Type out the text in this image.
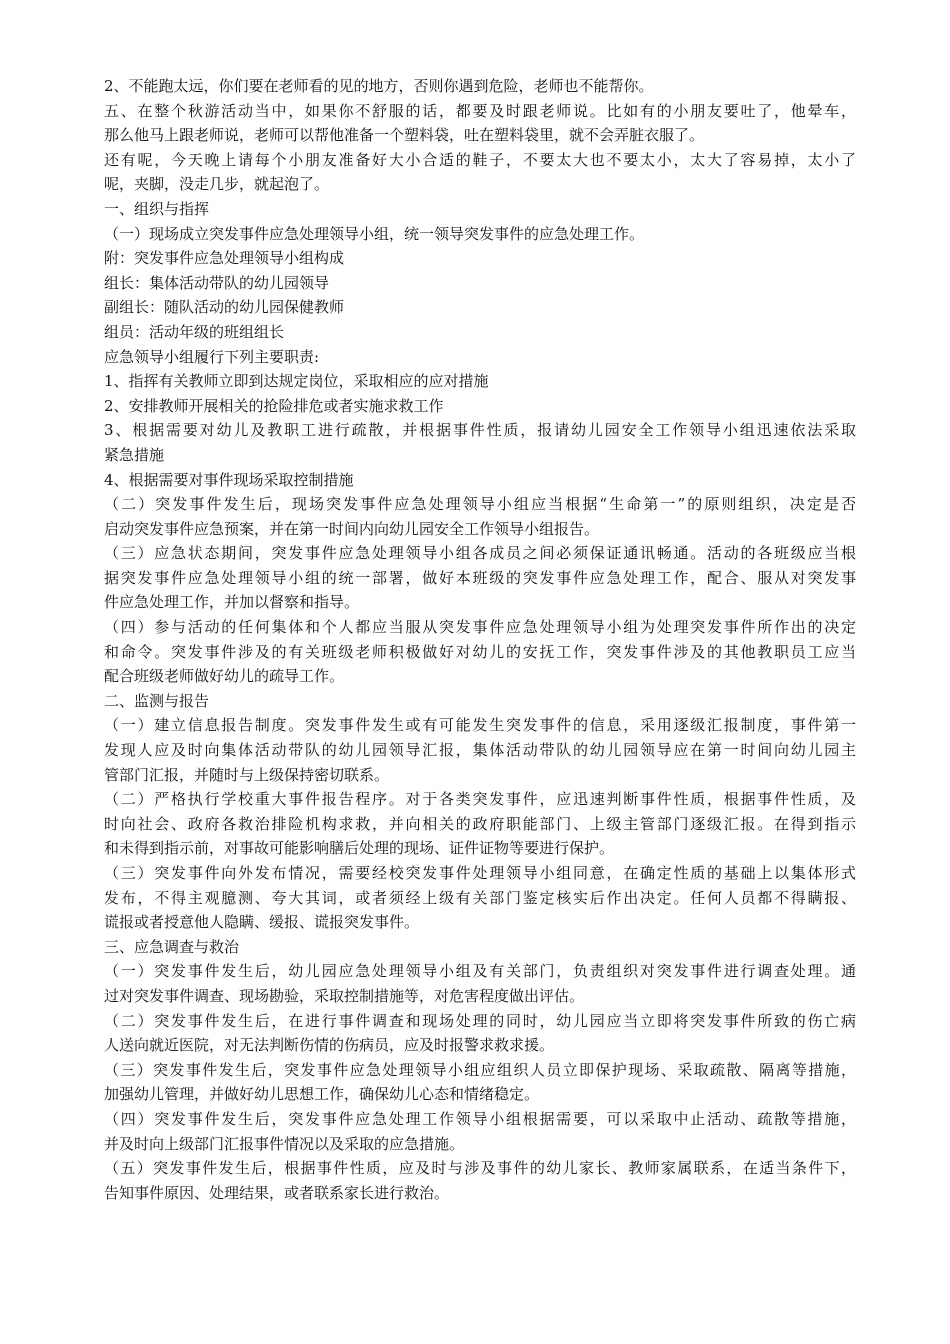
2、不能跑太远，你们要在老师看的见的地方，否则你遇到危险，老师也不能帮你。
五、在整个秋游活动当中，如果你不舒服的话，都要及时跟老师说。比如有的小朋友要吐了，他晕车，
那么他马上跟老师说，老师可以帮他准备一个塑料袋，吐在塑料袋里，就不会弄脏衣服了。
还有呢，今天晚上请每个小朋友准备好大小合适的鞋子，不要太大也不要太小，太大了容易掉，太小了
呢，夹脚，没走几步，就起泡了。
一、组织与指挥
（一）现场成立突发事件应急处理领导小组，统一领导突发事件的应急处理工作。
附：突发事件应急处理领导小组构成
组长：集体活动带队的幼儿园领导
副组长：随队活动的幼儿园保健教师
组员：活动年级的班组组长
应急领导小组履行下列主要职责:
1、指挥有关教师立即到达规定岗位，采取相应的应对措施
2、安排教师开展相关的抢险排危或者实施求救工作
3、根据需要对幼儿及教职工进行疏散，并根据事件性质，报请幼儿园安全工作领导小组迅速依法采取
紧急措施
4、根据需要对事件现场采取控制措施
（二）突发事件发生后，现场突发事件应急处理领导小组应当根据“生命第一”的原则组织，决定是否
启动突发事件应急预案，并在第一时间内向幼儿园安全工作领导小组报告。
（三）应急状态期间，突发事件应急处理领导小组各成员之间必须保证通讯畅通。活动的各班级应当根
据突发事件应急处理领导小组的统一部署，做好本班级的突发事件应急处理工作，配合、服从对突发事
件应急处理工作，并加以督察和指导。
（四）参与活动的任何集体和个人都应当服从突发事件应急处理领导小组为处理突发事件所作出的决定
和命令。突发事件涉及的有关班级老师积极做好对幼儿的安抚工作，突发事件涉及的其他教职员工应当
配合班级老师做好幼儿的疏导工作。
二、监测与报告
（一）建立信息报告制度。突发事件发生或有可能发生突发事件的信息，采用逐级汇报制度，事件第一
发现人应及时向集体活动带队的幼儿园领导汇报，集体活动带队的幼儿园领导应在第一时间向幼儿园主
管部门汇报，并随时与上级保持密切联系。
（二）严格执行学校重大事件报告程序。对于各类突发事件，应迅速判断事件性质，根据事件性质，及
时向社会、政府各救治排险机构求救，并向相关的政府职能部门、上级主管部门逐级汇报。在得到指示
和未得到指示前，对事故可能影响膳后处理的现场、证件证物等要进行保护。
（三）突发事件向外发布情况，需要经校突发事件处理领导小组同意，在确定性质的基础上以集体形式
发布，不得主观臆测、夸大其词，或者须经上级有关部门鉴定核实后作出决定。任何人员都不得瞒报、
谎报或者授意他人隐瞒、缓报、谎报突发事件。
三、应急调查与救治
（一）突发事件发生后，幼儿园应急处理领导小组及有关部门，负责组织对突发事件进行调查处理。通
过对突发事件调查、现场勘验，采取控制措施等，对危害程度做出评估。
（二）突发事件发生后，在进行事件调查和现场处理的同时，幼儿园应当立即将突发事件所致的伤亡病
人送向就近医院，对无法判断伤情的伤病员，应及时报警求救求援。
（三）突发事件发生后，突发事件应急处理领导小组应组织人员立即保护现场、采取疏散、隔离等措施，
加强幼儿管理，并做好幼儿思想工作，确保幼儿心态和情绪稳定。
（四）突发事件发生后，突发事件应急处理工作领导小组根据需要，可以采取中止活动、疏散等措施，
并及时向上级部门汇报事件情况以及采取的应急措施。
（五）突发事件发生后，根据事件性质，应及时与涉及事件的幼儿家长、教师家属联系，在适当条件下，
告知事件原因、处理结果，或者联系家长进行救治。
